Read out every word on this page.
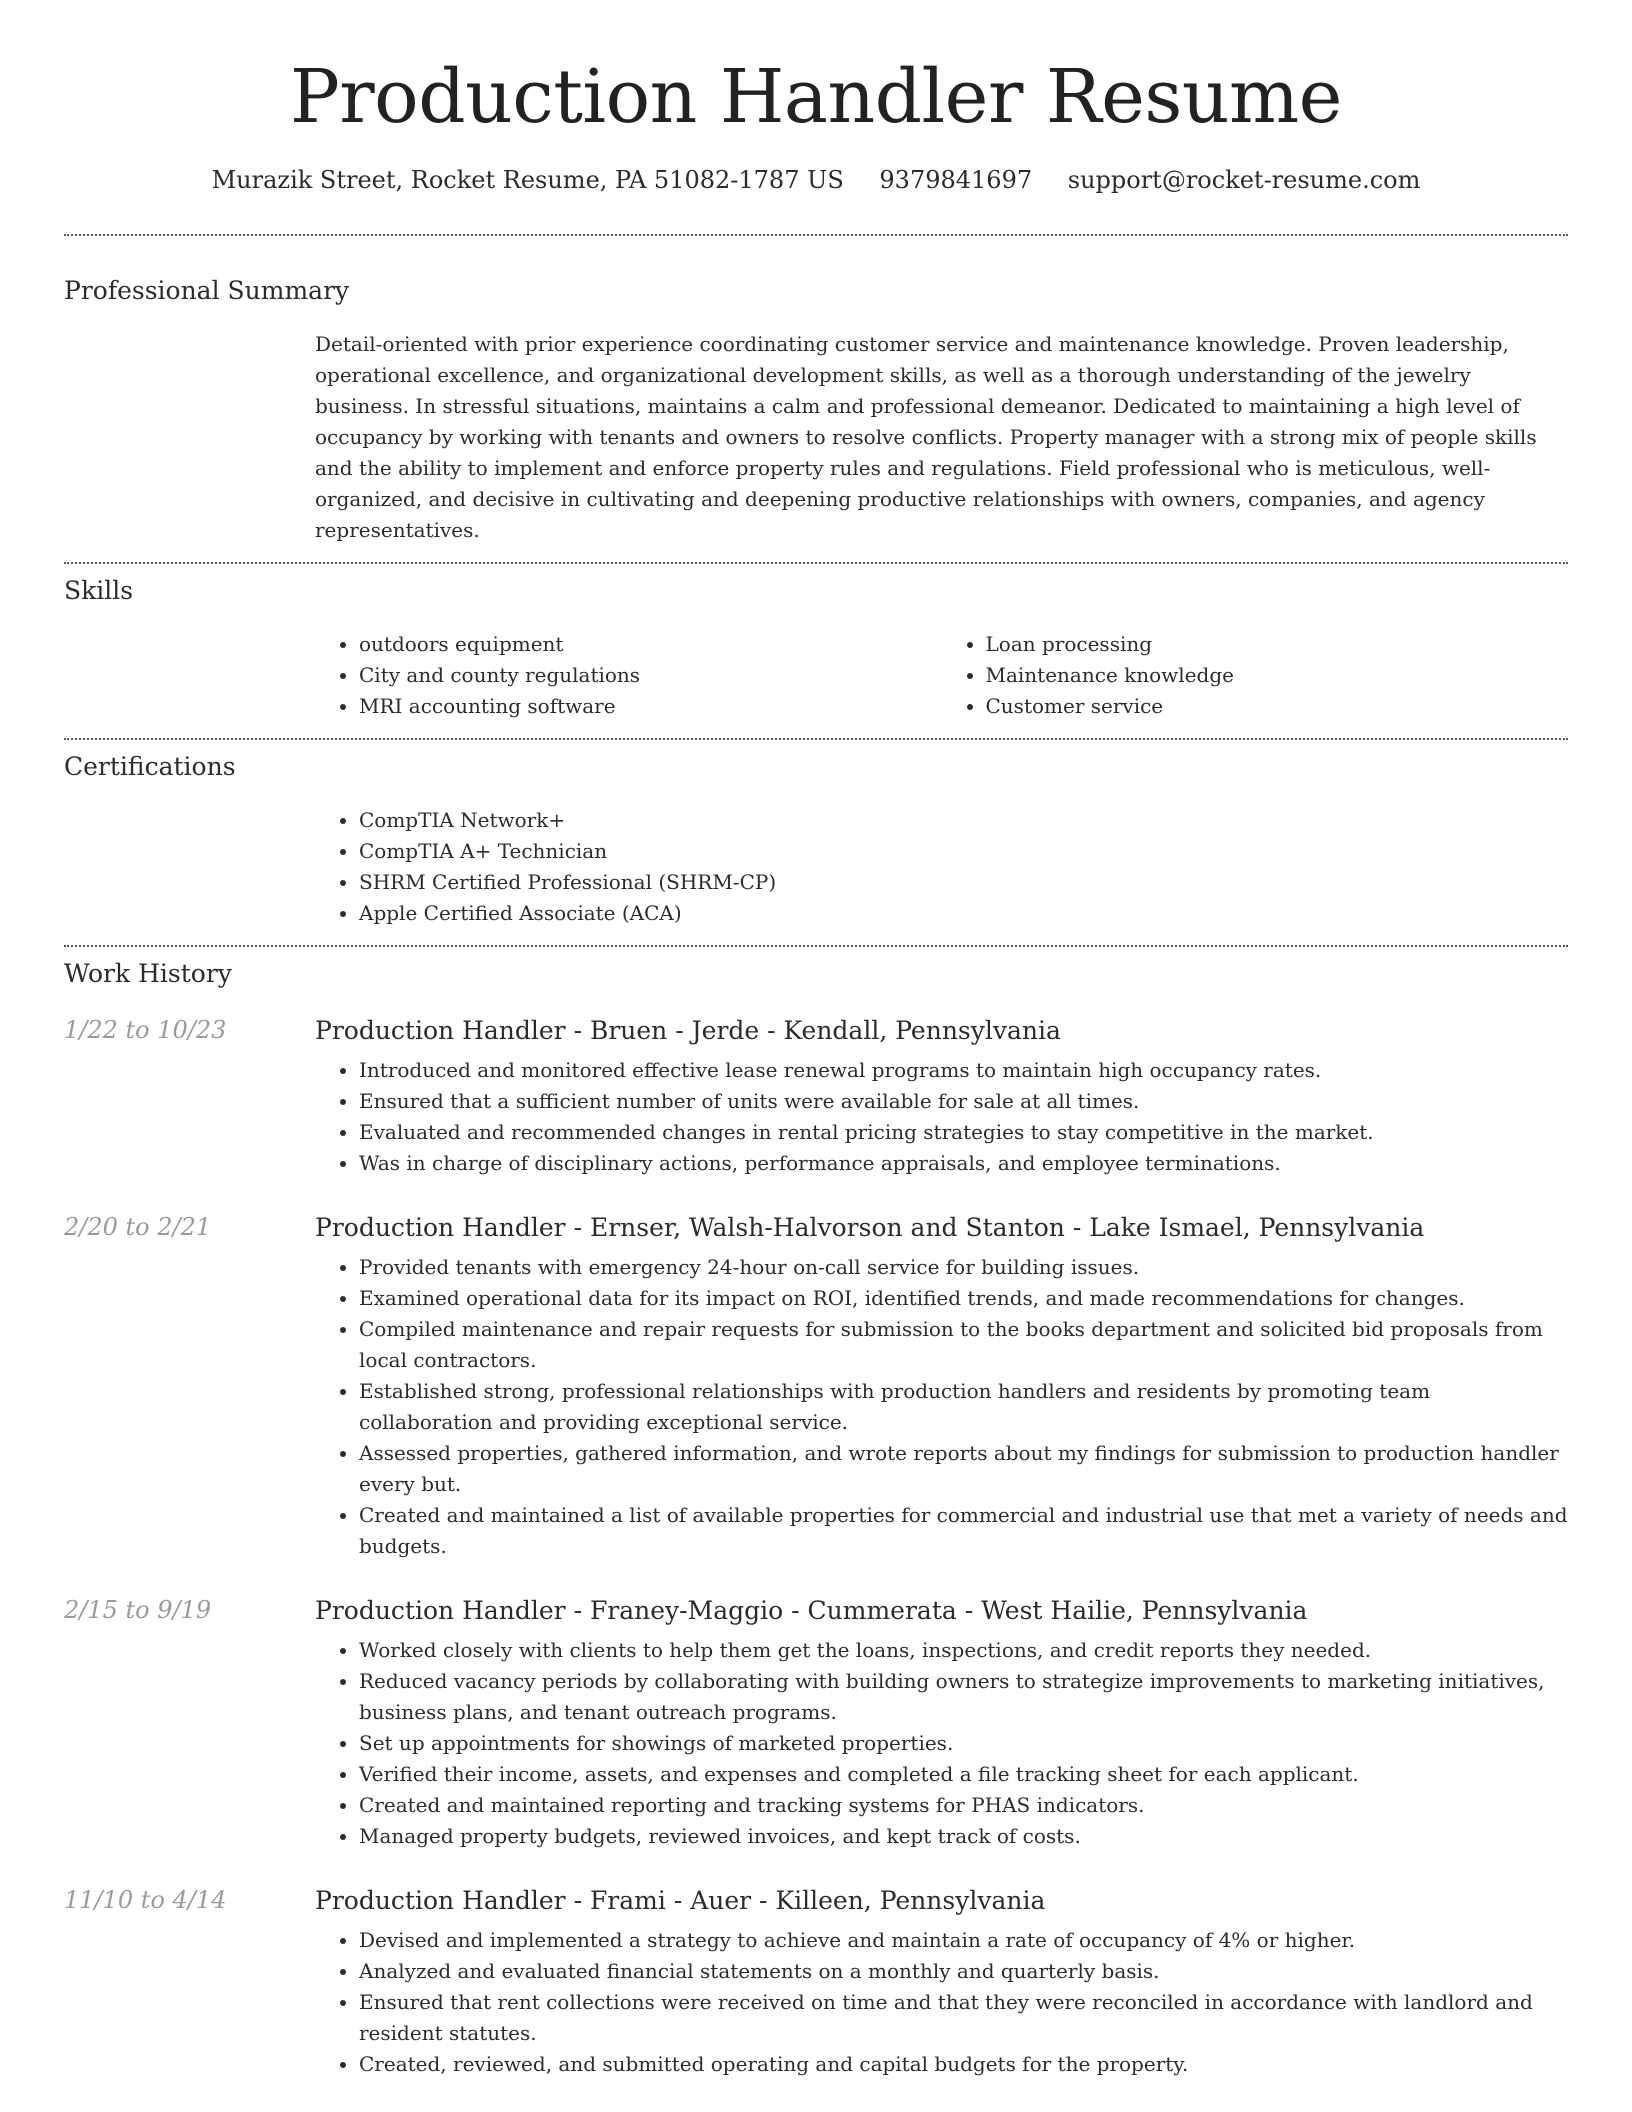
Production Handler Resume
Murazik Street, Rocket Resume, PA 51082-1787 US 9379841697 support@rocket-resume.com
Professional Summary

Detail-oriented with prior experience coordinating customer service and maintenance knowledge. Proven leadership, operational excellence, and organizational development skills, as well as a thorough understanding of the jewelry business. In stressful situations, maintains a calm and professional demeanor. Dedicated to maintaining a high level of occupancy by working with tenants and owners to resolve conflicts. Property manager with a strong mix of people skills and the ability to implement and enforce property rules and regulations. Field professional who is meticulous, well-organized, and decisive in cultivating and deepening productive relationships with owners, companies, and agency representatives.

Skills
• outdoors equipment
• City and county regulations
• MRI accounting software
• Loan processing
• Maintenance knowledge
• Customer service
Certifications
• CompTIA Network+
• CompTIA A+ Technician
• SHRM Certified Professional (SHRM-CP)
• Apple Certified Associate (ACA)
Work History
1/22 to 10/23	Production Handler - Bruen - Jerde - Kendall, Pennsylvania
• Introduced and monitored effective lease renewal programs to maintain high occupancy rates.
• Ensured that a sufficient number of units were available for sale at all times.
• Evaluated and recommended changes in rental pricing strategies to stay competitive in the market.
• Was in charge of disciplinary actions, performance appraisals, and employee terminations.
2/20 to 2/21	Production Handler - Ernser, Walsh-Halvorson and Stanton - Lake Ismael, Pennsylvania
• Provided tenants with emergency 24-hour on-call service for building issues.
• Examined operational data for its impact on ROI, identified trends, and made recommendations for changes.
• Compiled maintenance and repair requests for submission to the books department and solicited bid proposals from local contractors.
• Established strong, professional relationships with production handlers and residents by promoting team collaboration and providing exceptional service.
• Assessed properties, gathered information, and wrote reports about my findings for submission to production handler every but.
• Created and maintained a list of available properties for commercial and industrial use that met a variety of needs and budgets.
2/15 to 9/19	Production Handler - Franey-Maggio - Cummerata - West Hailie, Pennsylvania
• Worked closely with clients to help them get the loans, inspections, and credit reports they needed.
• Reduced vacancy periods by collaborating with building owners to strategize improvements to marketing initiatives, business plans, and tenant outreach programs.
• Set up appointments for showings of marketed properties.
• Verified their income, assets, and expenses and completed a file tracking sheet for each applicant.
• Created and maintained reporting and tracking systems for PHAS indicators.
• Managed property budgets, reviewed invoices, and kept track of costs.
11/10 to 4/14	Production Handler - Frami - Auer - Killeen, Pennsylvania
• Devised and implemented a strategy to achieve and maintain a rate of occupancy of 4% or higher.
• Analyzed and evaluated financial statements on a monthly and quarterly basis.
• Ensured that rent collections were received on time and that they were reconciled in accordance with landlord and resident statutes.
• Created, reviewed, and submitted operating and capital budgets for the property.
